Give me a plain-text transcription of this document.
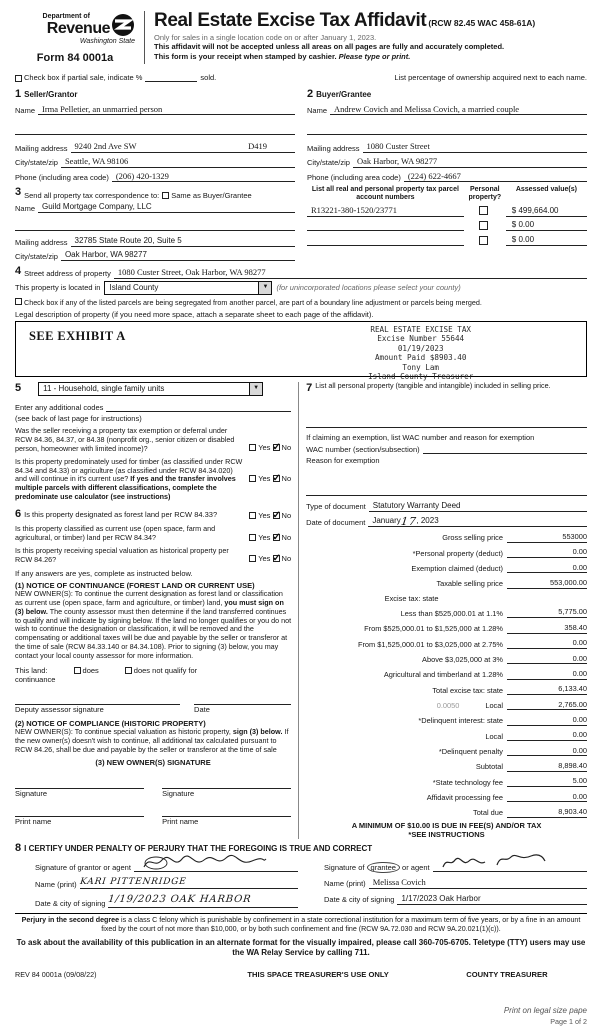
Department of
Revenue
Washington State
Form 84 0001a
Real Estate Excise Tax Affidavit (RCW 82.45 WAC 458-61A)
Only for sales in a single location code on or after January 1, 2023.
This affidavit will not be accepted unless all areas on all pages are fully and accurately completed.
This form is your receipt when stamped by cashier. Please type or print.
Check box if partial sale, indicate %	sold.	List percentage of ownership acquired next to each name.
1 Seller/Grantor
Name Irma Pelletier, an unmarried person
Mailing address 9240 2nd Ave SW	D419
City/state/zip Seattle, WA 98106
Phone (including area code) (206) 420-1329
2 Buyer/Grantee
Name Andrew Covich and Melissa Covich, a married couple
Mailing address 1080 Custer Street
City/state/zip Oak Harbor, WA 98277
Phone (including area code) (224) 622-4667
3 Send all property tax correspondence to:	Same as Buyer/Grantee
Name Guild Mortgage Company, LLC
Mailing address 32785 State Route 20, Suite 5
City/state/zip Oak Harbor, WA 98277
List all real and personal property tax parcel account numbers
Personal property?
Assessed value(s)
R13221-380-1520/23771	$ 499,664.00
$ 0.00
$ 0.00
4 Street address of property 1080 Custer Street, Oak Harbor, WA 98277
This property is located in	Island County	▼	(for unincorporated locations please select your county)
Check box if any of the listed parcels are being segregated from another parcel, are part of a boundary line adjustment or parcels being merged.
Legal description of property (if you need more space, attach a separate sheet to each page of the affidavit).
SEE EXHIBIT A	REAL ESTATE EXCISE TAX
Excise Number 55644
01/19/2023
Amount Paid $8903.40
Tony Lam
Island County Treasurer
5	11 - Household, single family units	▼
Enter any additional codes
(see back of last page for instructions)
Was the seller receiving a property tax exemption or deferral under RCW 84.36, 84.37, or 84.38 (nonprofit org., senior citizen or disabled person, homeowner with limited income)?	Yes ✓ No
Is this property predominately used for timber (as classified under RCW 84.34 and 84.33) or agriculture (as classified under RCW 84.34.020) and will continue in it's current use? If yes and the transfer involves multiple parcels with different classifications, complete the predominate use calculator (see instructions)
Yes ✓ No
6 Is this property designated as forest land per RCW 84.33?	Yes ✓ No
Is this property classified as current use (open space, farm and agricultural, or timber) land per RCW 84.34?	Yes ✓ No
Is this property receiving special valuation as historical property per RCW 84.26?	Yes ✓ No
If any answers are yes, complete as instructed below.
(1) NOTICE OF CONTINUANCE (FOREST LAND OR CURRENT USE)
NEW OWNER(S): To continue the current designation as forest land or classification as current use (open space, farm and agriculture, or timber) land, you must sign on (3) below. The county assessor must then determine if the land transferred continues to qualify and will indicate by signing below. If the land no longer qualifies or you do not wish to continue the designation or classification, it will be removed and the compensating or additional taxes will be due and payable by the seller or transferor at the time of sale (RCW 84.33.140 or 84.34.108). Prior to signing (3) below, you may contact your local county assessor for more information.
This land:	does	does not qualify for
continuance
Deputy assessor signature	Date
(2) NOTICE OF COMPLIANCE (HISTORIC PROPERTY)
NEW OWNER(S): To continue special valuation as historic property, sign (3) below. If the new owner(s) doesn't wish to continue, all additional tax calculated pursuant to RCW 84.26, shall be due and payable by the seller or transferor at the time of sale
(3) NEW OWNER(S) SIGNATURE
Signature	Signature
Print name	Print name
7 List all personal property (tangible and intangible) included in selling price.
If claiming an exemption, list WAC number and reason for exemption
WAC number (section/subsection)
Reason for exemption
Type of document Statutory Warranty Deed
Date of document January 17 , 2023
Gross selling price	553000
*Personal property (deduct)	0.00
Exemption claimed (deduct)	0.00
Taxable selling price	553,000.00
Excise tax: state
Less than $525,000.01 at 1.1%	5,775.00
From $525,000.01 to $1,525,000 at 1.28%	358.40
From $1,525,000.01 to $3,025,000 at 2.75%	0.00
Above $3,025,000 at 3%	0.00
Agricultural and timberland at 1.28%	0.00
Total excise tax: state	6,133.40
0.0050	Local	2,765.00
*Delinquent interest: state	0.00
Local	0.00
*Delinquent penalty	0.00
Subtotal	8,898.40
*State technology fee	5.00
Affidavit processing fee	0.00
Total due	8,903.40
A MINIMUM OF $10.00 IS DUE IN FEE(S) AND/OR TAX
*SEE INSTRUCTIONS
8 I CERTIFY UNDER PENALTY OF PERJURY THAT THE FOREGOING IS TRUE AND CORRECT
Signature of grantor or agent
Name (print) KARI PITTENRIDGE
Date & city of signing 1/19/2023 OAK HARBOR
Signature of grantee or agent
Name (print) Melissa Covich
Date & city of signing 1/17/2023 Oak Harbor
Perjury in the second degree is a class C felony which is punishable by confinement in a state correctional institution for a maximum term of five years, or by a fine in an amount fixed by the court of not more than $10,000, or by both such confinement and fine (RCW 9A.72.030 and RCW 9A.20.021(1)(c)).
To ask about the availability of this publication in an alternate format for the visually impaired, please call 360-705-6705. Teletype (TTY) users may use the WA Relay Service by calling 711.
REV 84 0001a (09/08/22)	THIS SPACE TREASURER'S USE ONLY	COUNTY TREASURER
Print on legal size pape
Page 1 of 2
